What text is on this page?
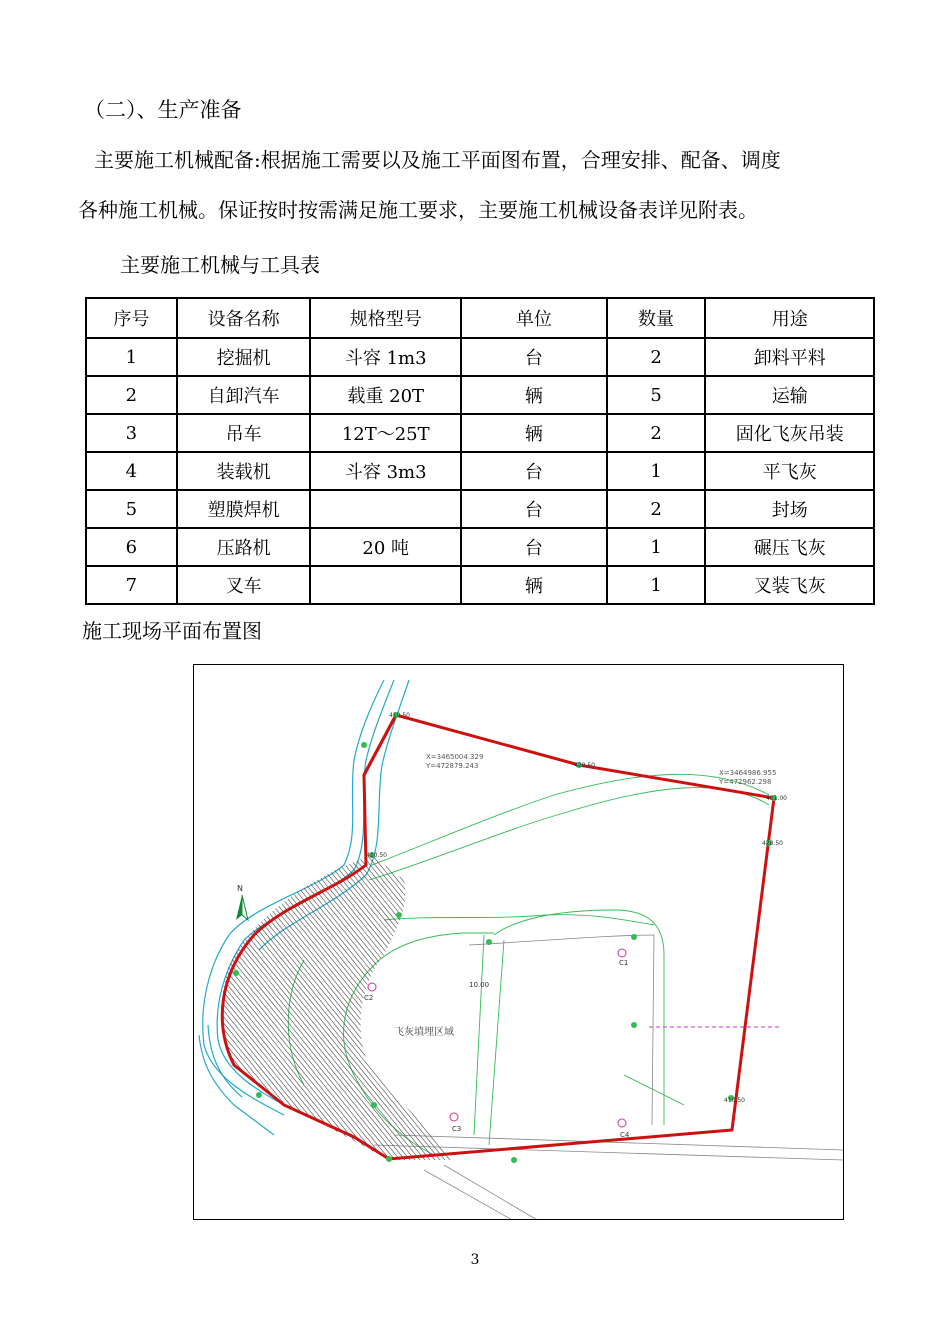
（二）、生产准备
主要施工机械配备:根据施工需要以及施工平面图布置，合理安排、配备、调度
各种施工机械。保证按时按需满足施工要求，主要施工机械设备表详见附表。
主要施工机械与工具表
序号	设备名称	规格型号	单位	数量	用途
1	挖掘机	斗容 1m3	台	2	卸料平料
2	自卸汽车	载重 20T	辆	5	运输
3	吊车	12T～25T	辆	2	固化飞灰吊装
4	装载机	斗容 3m3	台	1	平飞灰
5	塑膜焊机		台	2	封场
6	压路机	20 吨	台	1	碾压飞灰
7	叉车		辆	1	叉装飞灰
施工现场平面布置图
N
飞灰填埋区域
X=3465004.329
Y=472879.243
X=3464986.955
Y=472962.298
410.50
420.50
421.00
420.50
410.50
410.50
C1
C2
C3
C4
10.00
3
